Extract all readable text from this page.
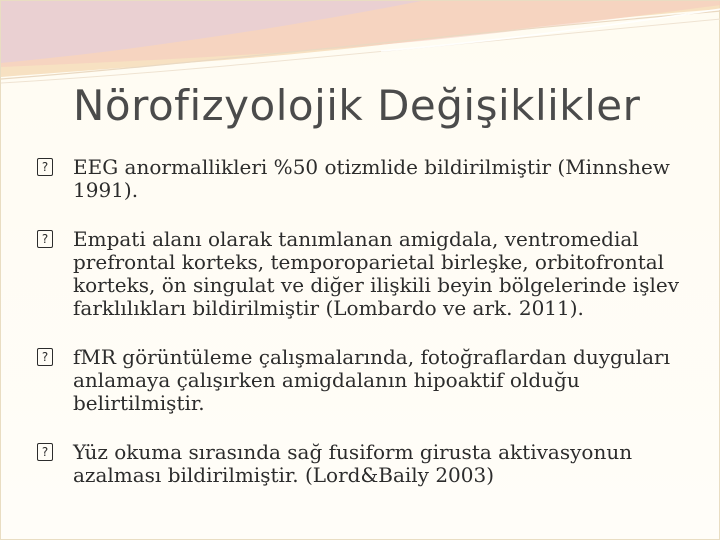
Nörofizyolojik Değişiklikler
? EEG anormallikleri %50 otizmlide bildirilmiştir (Minnshew 1991).
? Empati alanı olarak tanımlanan amigdala, ventromedial prefrontal korteks, temporoparietal birleşke, orbitofrontal korteks, ön singulat ve diğer ilişkili beyin bölgelerinde işlev farklılıkları bildirilmiştir (Lombardo ve ark. 2011).
? fMR görüntüleme çalışmalarında, fotoğraflardan duyguları anlamaya çalışırken amigdalanın hipoaktif olduğu belirtilmiştir.
? Yüz okuma sırasında sağ fusiform girusta aktivasyonun azalması bildirilmiştir. (Lord&Baily 2003)
